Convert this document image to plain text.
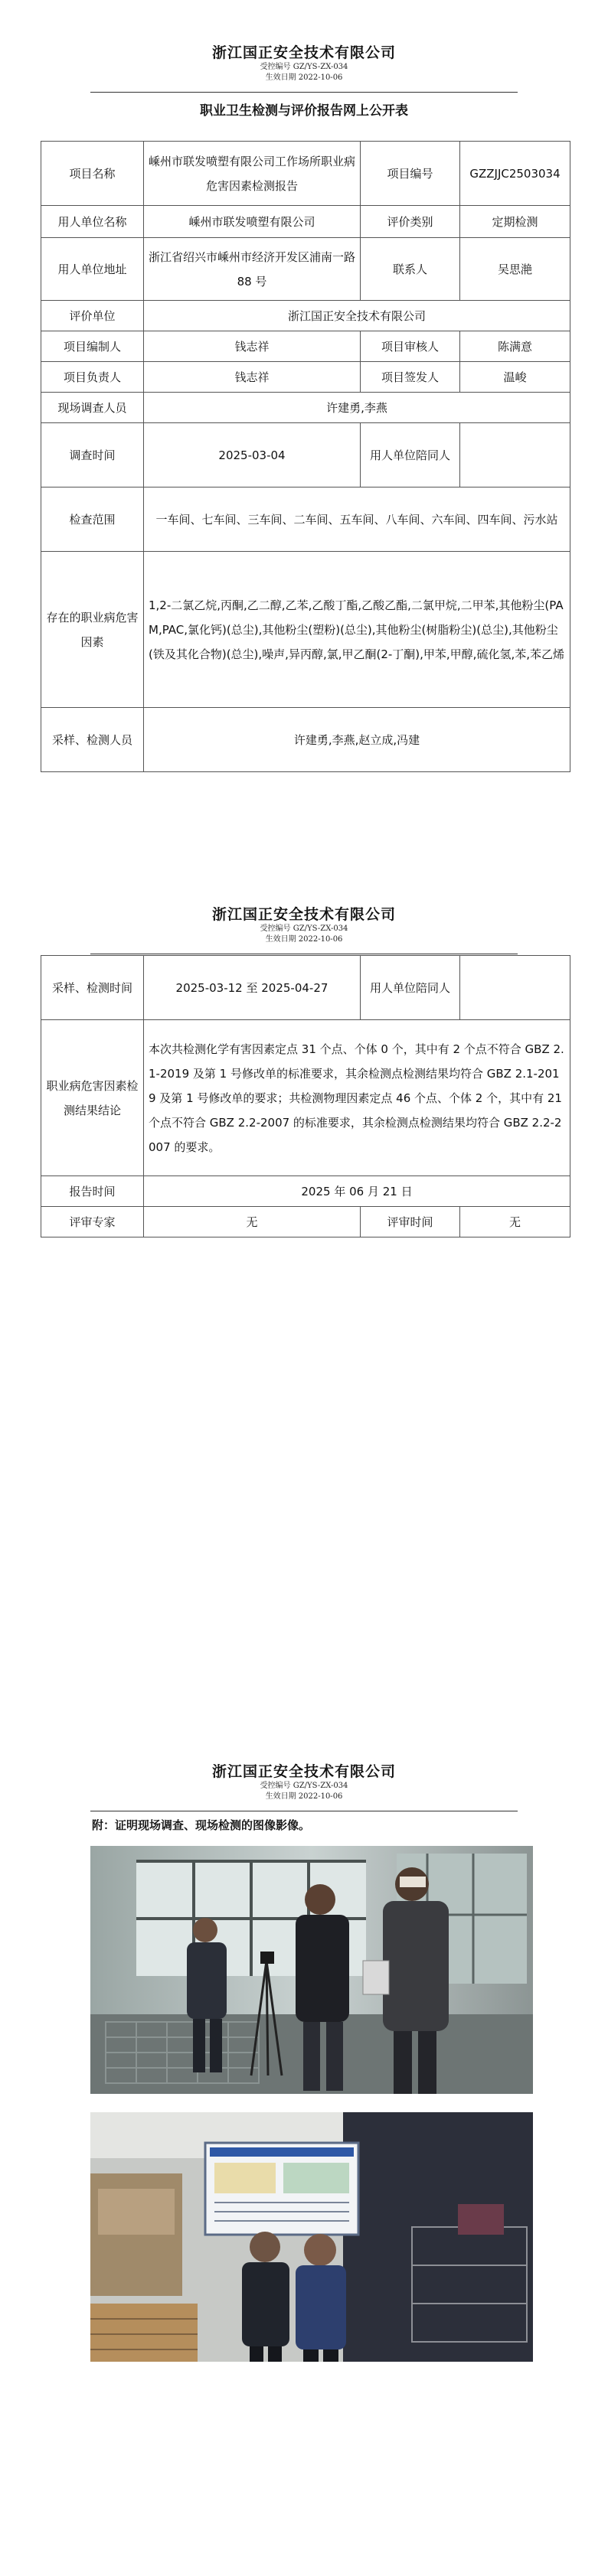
浙江国正安全技术有限公司
受控编号 GZ/YS-ZX-034
生效日期 2022-10-06
职业卫生检测与评价报告网上公开表
项目名称	嵊州市联发喷塑有限公司工作场所职业病危害因素检测报告	项目编号	GZZJJC2503034
用人单位名称	嵊州市联发喷塑有限公司	评价类别	定期检测
用人单位地址	浙江省绍兴市嵊州市经济开发区浦南一路 88 号	联系人	吴思滟
评价单位	浙江国正安全技术有限公司		
项目编制人	钱志祥	项目审核人	陈满意
项目负责人	钱志祥	项目签发人	温峻
现场调查人员	许建勇,李燕		
调查时间	2025-03-04	用人单位陪同人	
检查范围	一车间、七车间、三车间、二车间、五车间、八车间、六车间、四车间、污水站		
存在的职业病危害因素	1,2-二氯乙烷,丙酮,乙二醇,乙苯,乙酸丁酯,乙酸乙酯,二氯甲烷,二甲苯,其他粉尘(PAM,PAC,氯化钙)(总尘),其他粉尘(塑粉)(总尘),其他粉尘(树脂粉尘)(总尘),其他粉尘(铁及其化合物)(总尘),噪声,异丙醇,氯,甲乙酮(2-丁酮),甲苯,甲醇,硫化氢,苯,苯乙烯		
采样、检测人员	许建勇,李燕,赵立成,冯建		
浙江国正安全技术有限公司
受控编号 GZ/YS-ZX-034
生效日期 2022-10-06
采样、检测时间	2025-03-12 至 2025-04-27	用人单位陪同人	
职业病危害因素检测结果结论	本次共检测化学有害因素定点 31 个点、个体 0 个，其中有 2 个点不符合 GBZ 2.1-2019 及第 1 号修改单的标准要求，其余检测点检测结果均符合 GBZ 2.1-2019 及第 1 号修改单的要求；共检测物理因素定点 46 个点、个体 2 个，其中有 21 个点不符合 GBZ 2.2-2007 的标准要求，其余检测点检测结果均符合 GBZ 2.2-2007 的要求。		
报告时间	2025 年 06 月 21 日		
评审专家	无	评审时间	无
浙江国正安全技术有限公司
受控编号 GZ/YS-ZX-034
生效日期 2022-10-06
附：证明现场调查、现场检测的图像影像。
